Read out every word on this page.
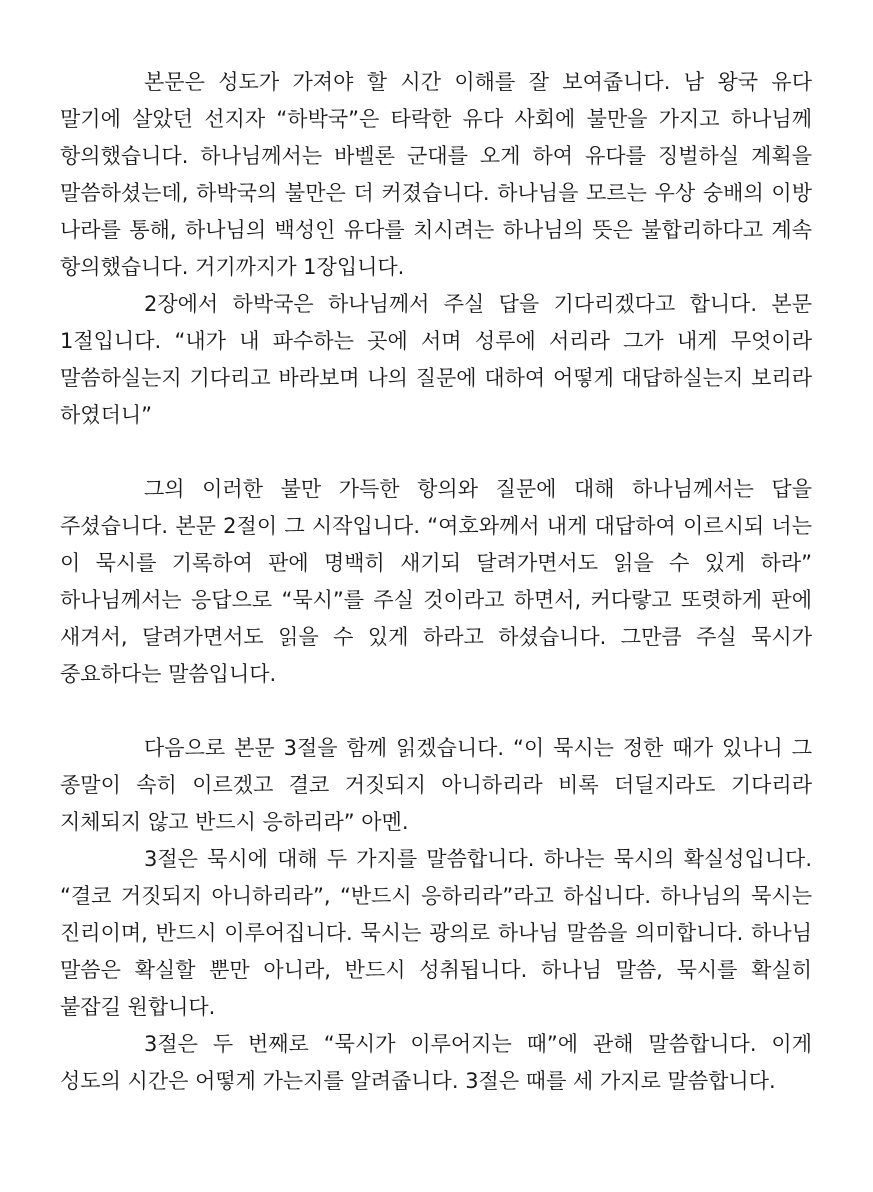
본문은 성도가 가져야 할 시간 이해를 잘 보여줍니다. 남 왕국 유다 말기에 살았던 선지자 “하박국”은 타락한 유다 사회에 불만을 가지고 하나님께 항의했습니다. 하나님께서는 바벨론 군대를 오게 하여 유다를 징벌하실 계획을 말씀하셨는데, 하박국의 불만은 더 커졌습니다. 하나님을 모르는 우상 숭배의 이방 나라를 통해, 하나님의 백성인 유다를 치시려는 하나님의 뜻은 불합리하다고 계속 항의했습니다. 거기까지가 1장입니다.

2장에서 하박국은 하나님께서 주실 답을 기다리겠다고 합니다. 본문 1절입니다. “내가 내 파수하는 곳에 서며 성루에 서리라 그가 내게 무엇이라 말씀하실는지 기다리고 바라보며 나의 질문에 대하여 어떻게 대답하실는지 보리라 하였더니”

그의 이러한 불만 가득한 항의와 질문에 대해 하나님께서는 답을 주셨습니다. 본문 2절이 그 시작입니다. “여호와께서 내게 대답하여 이르시되 너는 이 묵시를 기록하여 판에 명백히 새기되 달려가면서도 읽을 수 있게 하라” 하나님께서는 응답으로 “묵시”를 주실 것이라고 하면서, 커다랗고 또렷하게 판에 새겨서, 달려가면서도 읽을 수 있게 하라고 하셨습니다. 그만큼 주실 묵시가 중요하다는 말씀입니다.

다음으로 본문 3절을 함께 읽겠습니다. “이 묵시는 정한 때가 있나니 그 종말이 속히 이르겠고 결코 거짓되지 아니하리라 비록 더딜지라도 기다리라 지체되지 않고 반드시 응하리라” 아멘.

3절은 묵시에 대해 두 가지를 말씀합니다. 하나는 묵시의 확실성입니다. “결코 거짓되지 아니하리라”, “반드시 응하리라”라고 하십니다. 하나님의 묵시는 진리이며, 반드시 이루어집니다. 묵시는 광의로 하나님 말씀을 의미합니다. 하나님 말씀은 확실할 뿐만 아니라, 반드시 성취됩니다. 하나님 말씀, 묵시를 확실히 붙잡길 원합니다.

3절은 두 번째로 “묵시가 이루어지는 때”에 관해 말씀합니다. 이게 성도의 시간은 어떻게 가는지를 알려줍니다. 3절은 때를 세 가지로 말씀합니다.
